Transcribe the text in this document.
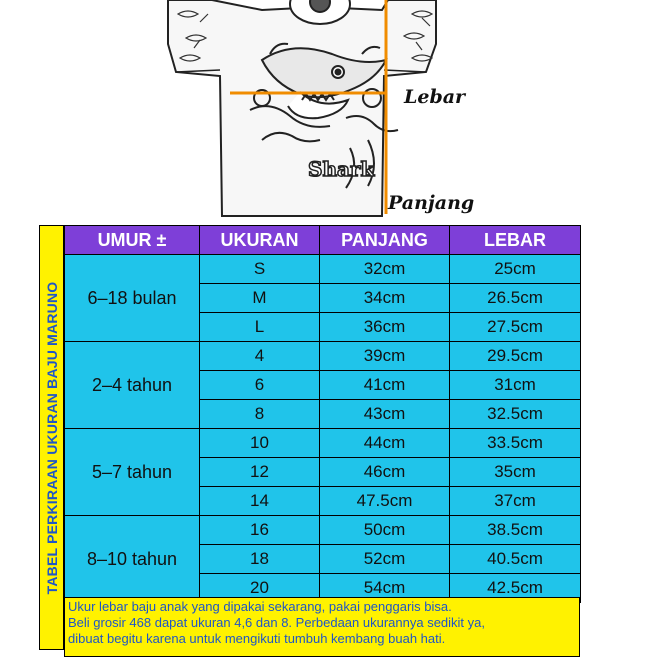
Shark
Lebar
Panjang
TABEL PERKIRAAN UKURAN BAJU MARUNO
UMUR ±	UKURAN	PANJANG	LEBAR
6–18 bulan	S	32cm	25cm
	M	34cm	26.5cm
	L	36cm	27.5cm
2–4 tahun	4	39cm	29.5cm
	6	41cm	31cm
	8	43cm	32.5cm
5–7 tahun	10	44cm	33.5cm
	12	46cm	35cm
	14	47.5cm	37cm
8–10 tahun	16	50cm	38.5cm
	18	52cm	40.5cm
	20	54cm	42.5cm
Ukur lebar baju anak yang dipakai sekarang, pakai penggaris bisa.
Beli grosir 468 dapat ukuran 4,6 dan 8. Perbedaan ukurannya sedikit ya,
dibuat begitu karena untuk mengikuti tumbuh kembang buah hati.
